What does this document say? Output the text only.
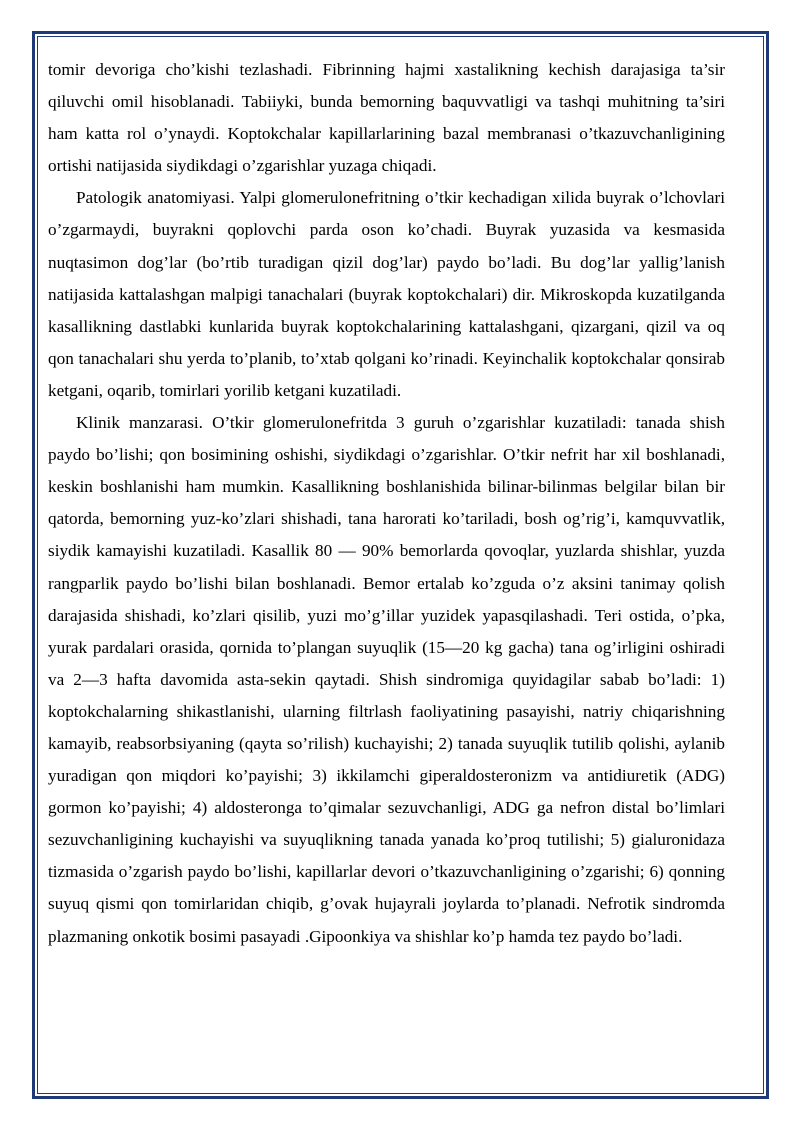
tomir devoriga cho’kishi tezlashadi. Fibrinning hajmi xastalikning kechish darajasiga ta’sir qiluvchi omil hisoblanadi. Tabiiyki, bunda bemorning baquvvatligi va tashqi muhitning ta’siri ham katta rol o’ynaydi. Koptokchalar kapillarlarining bazal membranasi o’tkazuvchanligining ortishi natijasida siydikdagi o’zgarishlar yuzaga chiqadi.

Patologik anatomiyasi. Yalpi glomerulonefritning o’tkir kechadigan xilida buyrak o’lchovlari o’zgarmaydi, buyrakni qoplovchi parda oson ko’chadi. Buyrak yuzasida va kesmasida nuqtasimon dog’lar (bo’rtib turadigan qizil dog’lar) paydo bo’ladi. Bu dog’lar yallig’lanish natijasida kattalashgan malpigi tanachalari (buyrak koptokchalari) dir. Mikroskopda kuzatilganda kasallikning dastlabki kunlarida buyrak koptokchalarining kattalashgani, qizargani, qizil va oq qon tanachalari shu yerda to’planib, to’xtab qolgani ko’rinadi. Keyinchalik koptokchalar qonsirab ketgani, oqarib, tomirlari yorilib ketgani kuzatiladi.

Klinik manzarasi. O’tkir glomerulonefritda 3 guruh o’zgarishlar kuzatiladi: tanada shish paydo bo’lishi; qon bosimining oshishi, siydikdagi o’zgarishlar. O’tkir nefrit har xil boshlanadi, keskin boshlanishi ham mumkin. Kasallikning boshlanishida bilinar-bilinmas belgilar bilan bir qatorda, bemorning yuz-ko’zlari shishadi, tana harorati ko’tariladi, bosh og’rig’i, kamquvvatlik, siydik kamayishi kuzatiladi. Kasallik 80 — 90% bemorlarda qovoqlar, yuzlarda shishlar, yuzda rangparlik paydo bo’lishi bilan boshlanadi. Bemor ertalab ko’zguda o’z aksini tanimay qolish darajasida shishadi, ko’zlari qisilib, yuzi mo’g’illar yuzidek yapasqilashadi. Teri ostida, o’pka, yurak pardalari orasida, qornida to’plangan suyuqlik (15—20 kg gacha) tana og’irligini oshiradi va 2—3 hafta davomida asta-sekin qaytadi. Shish sindromiga quyidagilar sabab bo’ladi: 1) koptokchalarning shikastlanishi, ularning filtrlash faoliyatining pasayishi, natriy chiqarishning kamayib, reabsorbsiyaning (qayta so’rilish) kuchayishi; 2) tanada suyuqlik tutilib qolishi, aylanib yuradigan qon miqdori ko’payishi; 3) ikkilamchi giperaldosteronizm va antidiuretik (ADG) gormon ko’payishi; 4) aldosteronga to’qimalar sezuvchanligi, ADG ga nefron distal bo’limlari sezuvchanligining kuchayishi va suyuqlikning tanada yanada ko’proq tutilishi; 5) gialuronidaza tizmasida o’zgarish paydo bo’lishi, kapillarlar devori o’tkazuvchanligining o’zgarishi; 6) qonning suyuq qismi qon tomirlaridan chiqib, g’ovak hujayrali joylarda to’planadi. Nefrotik sindromda plazmaning onkotik bosimi pasayadi .Gipoonkiya va shishlar ko’p hamda tez paydo bo’ladi.
